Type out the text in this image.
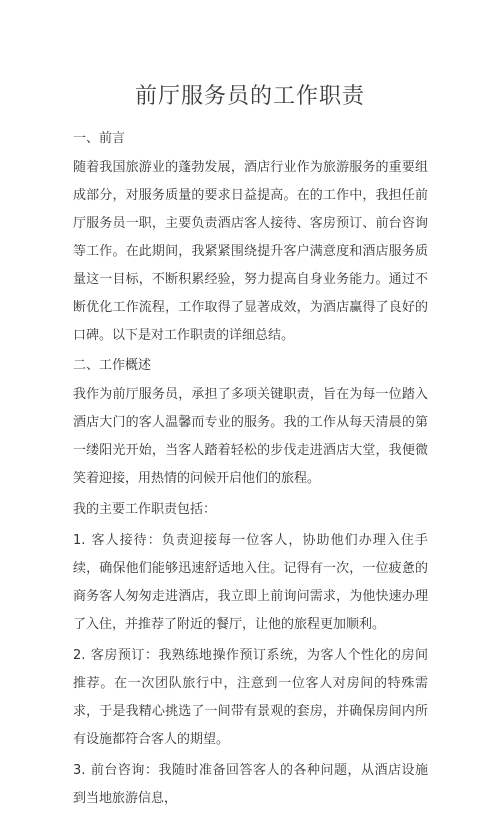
前厅服务员的工作职责
一、前言
随着我国旅游业的蓬勃发展，酒店行业作为旅游服务的重要组成部分，对服务质量的要求日益提高。在的工作中，我担任前厅服务员一职，主要负责酒店客人接待、客房预订、前台咨询等工作。在此期间，我紧紧围绕提升客户满意度和酒店服务质量这一目标，不断积累经验，努力提高自身业务能力。通过不断优化工作流程，工作取得了显著成效，为酒店赢得了良好的口碑。以下是对工作职责的详细总结。
二、工作概述
我作为前厅服务员，承担了多项关键职责，旨在为每一位踏入酒店大门的客人温馨而专业的服务。我的工作从每天清晨的第一缕阳光开始，当客人踏着轻松的步伐走进酒店大堂，我便微笑着迎接，用热情的问候开启他们的旅程。
我的主要工作职责包括：
1. 客人接待：负责迎接每一位客人，协助他们办理入住手续，确保他们能够迅速舒适地入住。记得有一次，一位疲惫的商务客人匆匆走进酒店，我立即上前询问需求，为他快速办理了入住，并推荐了附近的餐厅，让他的旅程更加顺利。
2. 客房预订：我熟练地操作预订系统，为客人个性化的房间推荐。在一次团队旅行中，注意到一位客人对房间的特殊需求，于是我精心挑选了一间带有景观的套房，并确保房间内所有设施都符合客人的期望。
3. 前台咨询：我随时准备回答客人的各种问题，从酒店设施到当地旅游信息，
